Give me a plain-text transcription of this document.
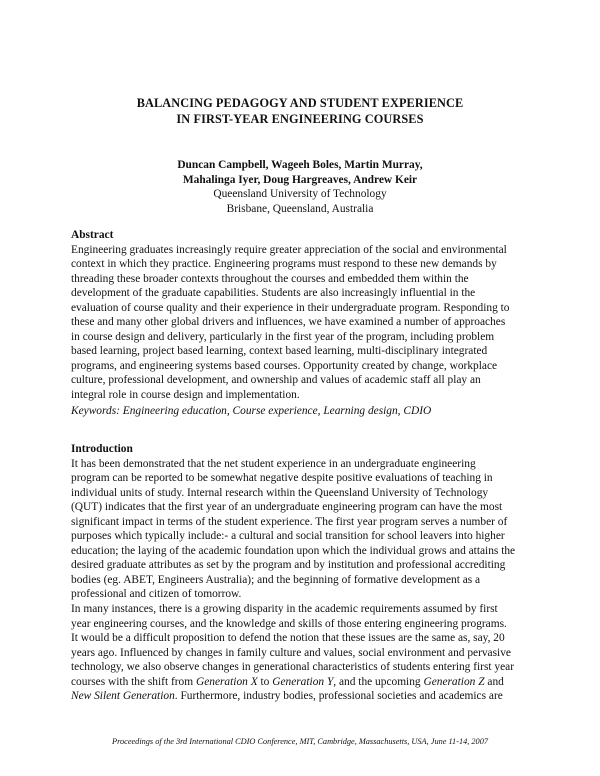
BALANCING PEDAGOGY AND STUDENT EXPERIENCE
IN FIRST-YEAR ENGINEERING COURSES
Duncan Campbell, Wageeh Boles, Martin Murray,
Mahalinga Iyer, Doug Hargreaves, Andrew Keir
Queensland University of Technology
Brisbane, Queensland, Australia
Abstract

Engineering graduates increasingly require greater appreciation of the social and environmental
context in which they practice. Engineering programs must respond to these new demands by
threading these broader contexts throughout the courses and embedded them within the
development of the graduate capabilities. Students are also increasingly influential in the
evaluation of course quality and their experience in their undergraduate program. Responding to
these and many other global drivers and influences, we have examined a number of approaches
in course design and delivery, particularly in the first year of the program, including problem
based learning, project based learning, context based learning, multi-disciplinary integrated
programs, and engineering systems based courses. Opportunity created by change, workplace
culture, professional development, and ownership and values of academic staff all play an
integral role in course design and implementation.

Keywords: Engineering education, Course experience, Learning design, CDIO
Introduction

It has been demonstrated that the net student experience in an undergraduate engineering
program can be reported to be somewhat negative despite positive evaluations of teaching in
individual units of study. Internal research within the Queensland University of Technology
(QUT) indicates that the first year of an undergraduate engineering program can have the most
significant impact in terms of the student experience. The first year program serves a number of
purposes which typically include:- a cultural and social transition for school leavers into higher
education; the laying of the academic foundation upon which the individual grows and attains the
desired graduate attributes as set by the program and by institution and professional accrediting
bodies (eg. ABET, Engineers Australia); and the beginning of formative development as a
professional and citizen of tomorrow.

In many instances, there is a growing disparity in the academic requirements assumed by first
year engineering courses, and the knowledge and skills of those entering engineering programs.
It would be a difficult proposition to defend the notion that these issues are the same as, say, 20
years ago. Influenced by changes in family culture and values, social environment and pervasive
technology, we also observe changes in generational characteristics of students entering first year
courses with the shift from Generation X to Generation Y, and the upcoming Generation Z and
New Silent Generation. Furthermore, industry bodies, professional societies and academics are

Proceedings of the 3rd International CDIO Conference, MIT, Cambridge, Massachusetts, USA, June 11-14, 2007
